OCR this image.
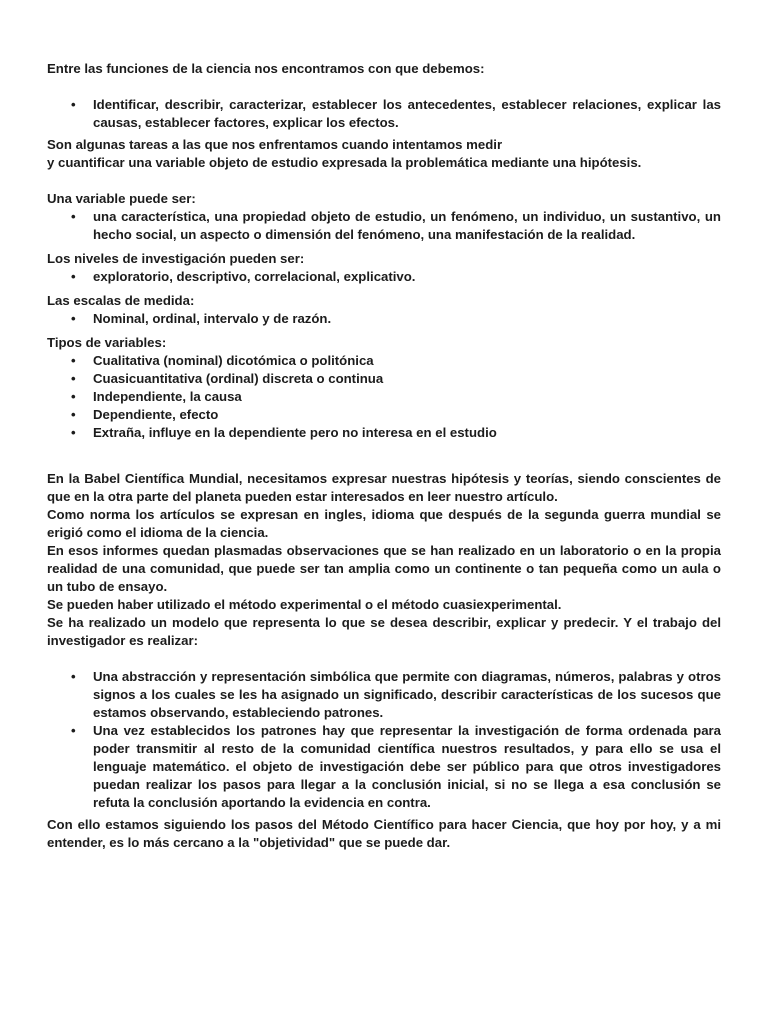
Entre las funciones de la ciencia nos encontramos con que debemos:

• Identificar, describir, caracterizar, establecer los antecedentes, establecer relaciones, explicar las causas, establecer factores, explicar los efectos.

Son algunas tareas a las que nos enfrentamos cuando intentamos medir

y cuantificar una variable objeto de estudio expresada la problemática mediante una hipótesis.

Una variable puede ser:

• una característica, una propiedad objeto de estudio, un fenómeno, un individuo, un sustantivo, un hecho social, un aspecto o dimensión del fenómeno, una manifestación de la realidad.

Los niveles de investigación pueden ser:

• exploratorio, descriptivo, correlacional, explicativo.

Las escalas de medida:

• Nominal, ordinal, intervalo y de razón.

Tipos de variables:

• Cualitativa (nominal) dicotómica o politónica
• Cuasicuantitativa (ordinal) discreta o continua
• Independiente, la causa
• Dependiente, efecto
• Extraña, influye en la dependiente pero no interesa en el estudio

En la Babel Científica Mundial, necesitamos expresar nuestras hipótesis y teorías, siendo conscientes de que en la otra parte del planeta pueden estar interesados en leer nuestro artículo.

Como norma los artículos se expresan en ingles, idioma que después de la segunda guerra mundial se erigió como el idioma de la ciencia.

En esos informes quedan plasmadas observaciones que se han realizado en un laboratorio o en la propia realidad de una comunidad, que puede ser tan amplia como un continente o tan pequeña como un aula o un tubo de ensayo.

Se pueden haber utilizado el método experimental o el método cuasiexperimental.

Se ha realizado un modelo que representa lo que se desea describir, explicar y predecir. Y el trabajo del investigador es realizar:

• Una abstracción y representación simbólica que permite con diagramas, números, palabras y otros signos a los cuales se les ha asignado un significado, describir características de los sucesos que estamos observando, estableciendo patrones.
• Una vez establecidos los patrones hay que representar la investigación de forma ordenada para poder transmitir al resto de la comunidad científica nuestros resultados, y para ello se usa el lenguaje matemático. el objeto de investigación debe ser público para que otros investigadores puedan realizar los pasos para llegar a la conclusión inicial, si no se llega a esa conclusión se refuta la conclusión aportando la evidencia en contra.

Con ello estamos siguiendo los pasos del Método Científico para hacer Ciencia, que hoy por hoy, y a mi entender, es lo más cercano a la "objetividad" que se puede dar.
